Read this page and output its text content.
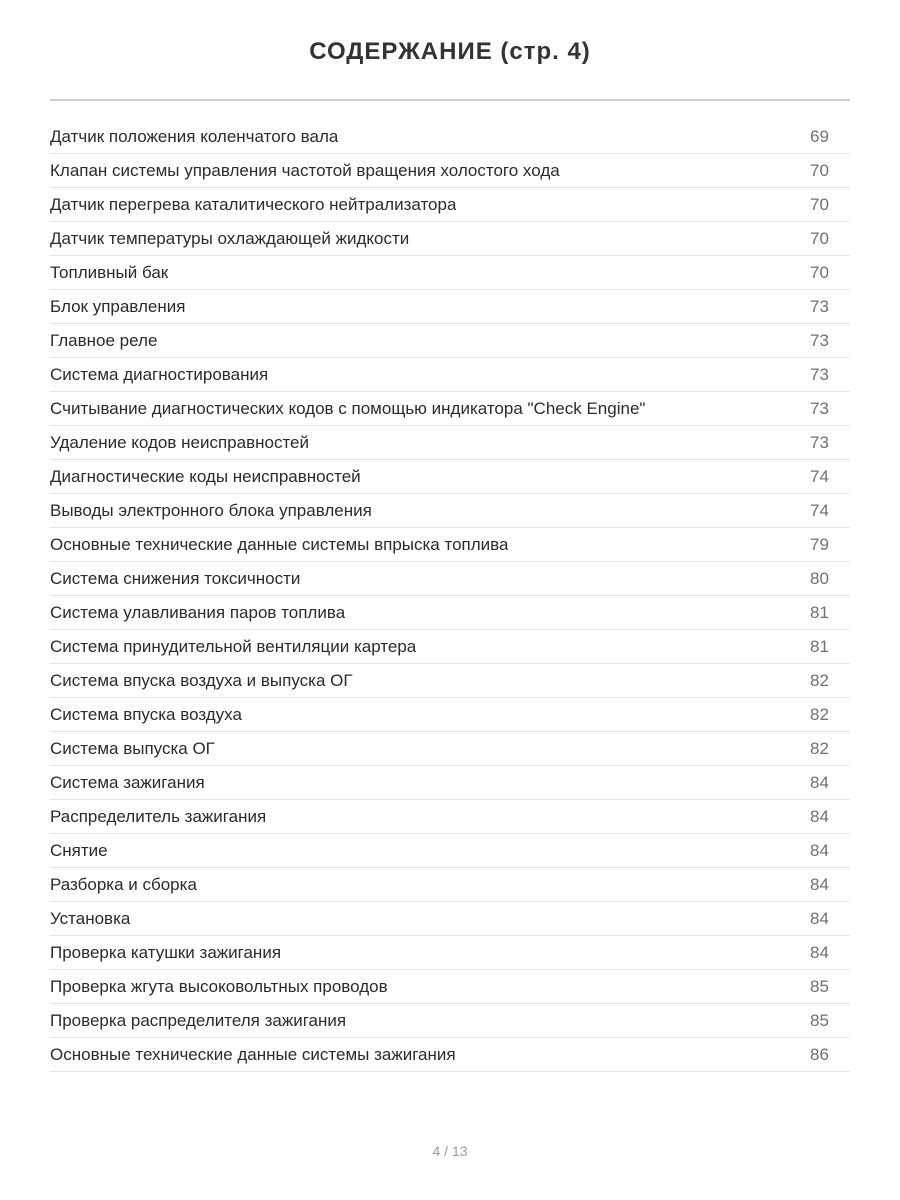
СОДЕРЖАНИЕ (стр. 4)
Датчик положения коленчатого вала	69
Клапан системы управления частотой вращения холостого хода	70
Датчик перегрева каталитического нейтрализатора	70
Датчик температуры охлаждающей жидкости	70
Топливный бак	70
Блок управления	73
Главное реле	73
Система диагностирования	73
Считывание диагностических кодов с помощью индикатора "Check Engine"	73
Удаление кодов неисправностей	73
Диагностические коды неисправностей	74
Выводы электронного блока управления	74
Основные технические данные системы впрыска топлива	79
Система снижения токсичности	80
Система улавливания паров топлива	81
Система принудительной вентиляции картера	81
Система впуска воздуха и выпуска ОГ	82
Система впуска воздуха	82
Система выпуска ОГ	82
Система зажигания	84
Распределитель зажигания	84
Снятие	84
Разборка и сборка	84
Установка	84
Проверка катушки зажигания	84
Проверка жгута высоковольтных проводов	85
Проверка распределителя зажигания	85
Основные технические данные системы зажигания	86
4 / 13
